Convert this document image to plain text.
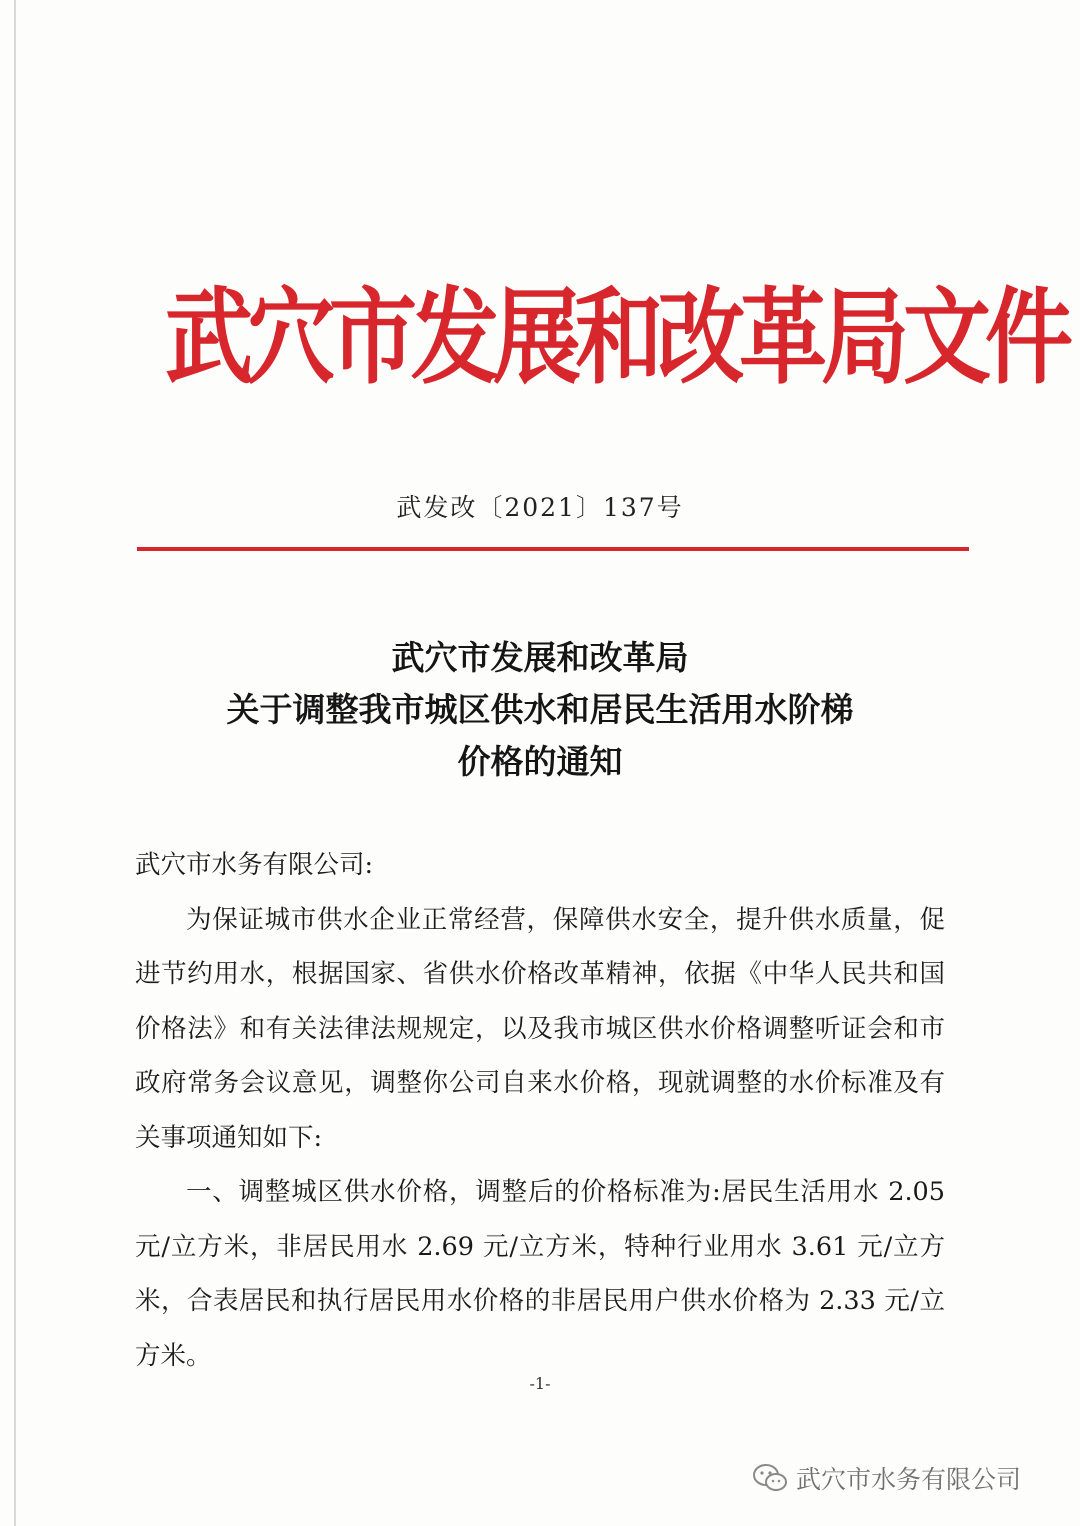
武穴市发展和改革局文件
武发改〔2021〕137号
武穴市发展和改革局
关于调整我市城区供水和居民生活用水阶梯
价格的通知

武穴市水务有限公司:

为保证城市供水企业正常经营，保障供水安全，提升供水质量，促进节约用水，根据国家、省供水价格改革精神，依据《中华人民共和国价格法》和有关法律法规规定，以及我市城区供水价格调整听证会和市政府常务会议意见，调整你公司自来水价格，现就调整的水价标准及有关事项通知如下:

一、调整城区供水价格，调整后的价格标准为:居民生活用水 2.05 元/立方米，非居民用水 2.69 元/立方米，特种行业用水 3.61 元/立方米，合表居民和执行居民用水价格的非居民用户供水价格为 2.33 元/立方米。

-1-
武穴市水务有限公司
